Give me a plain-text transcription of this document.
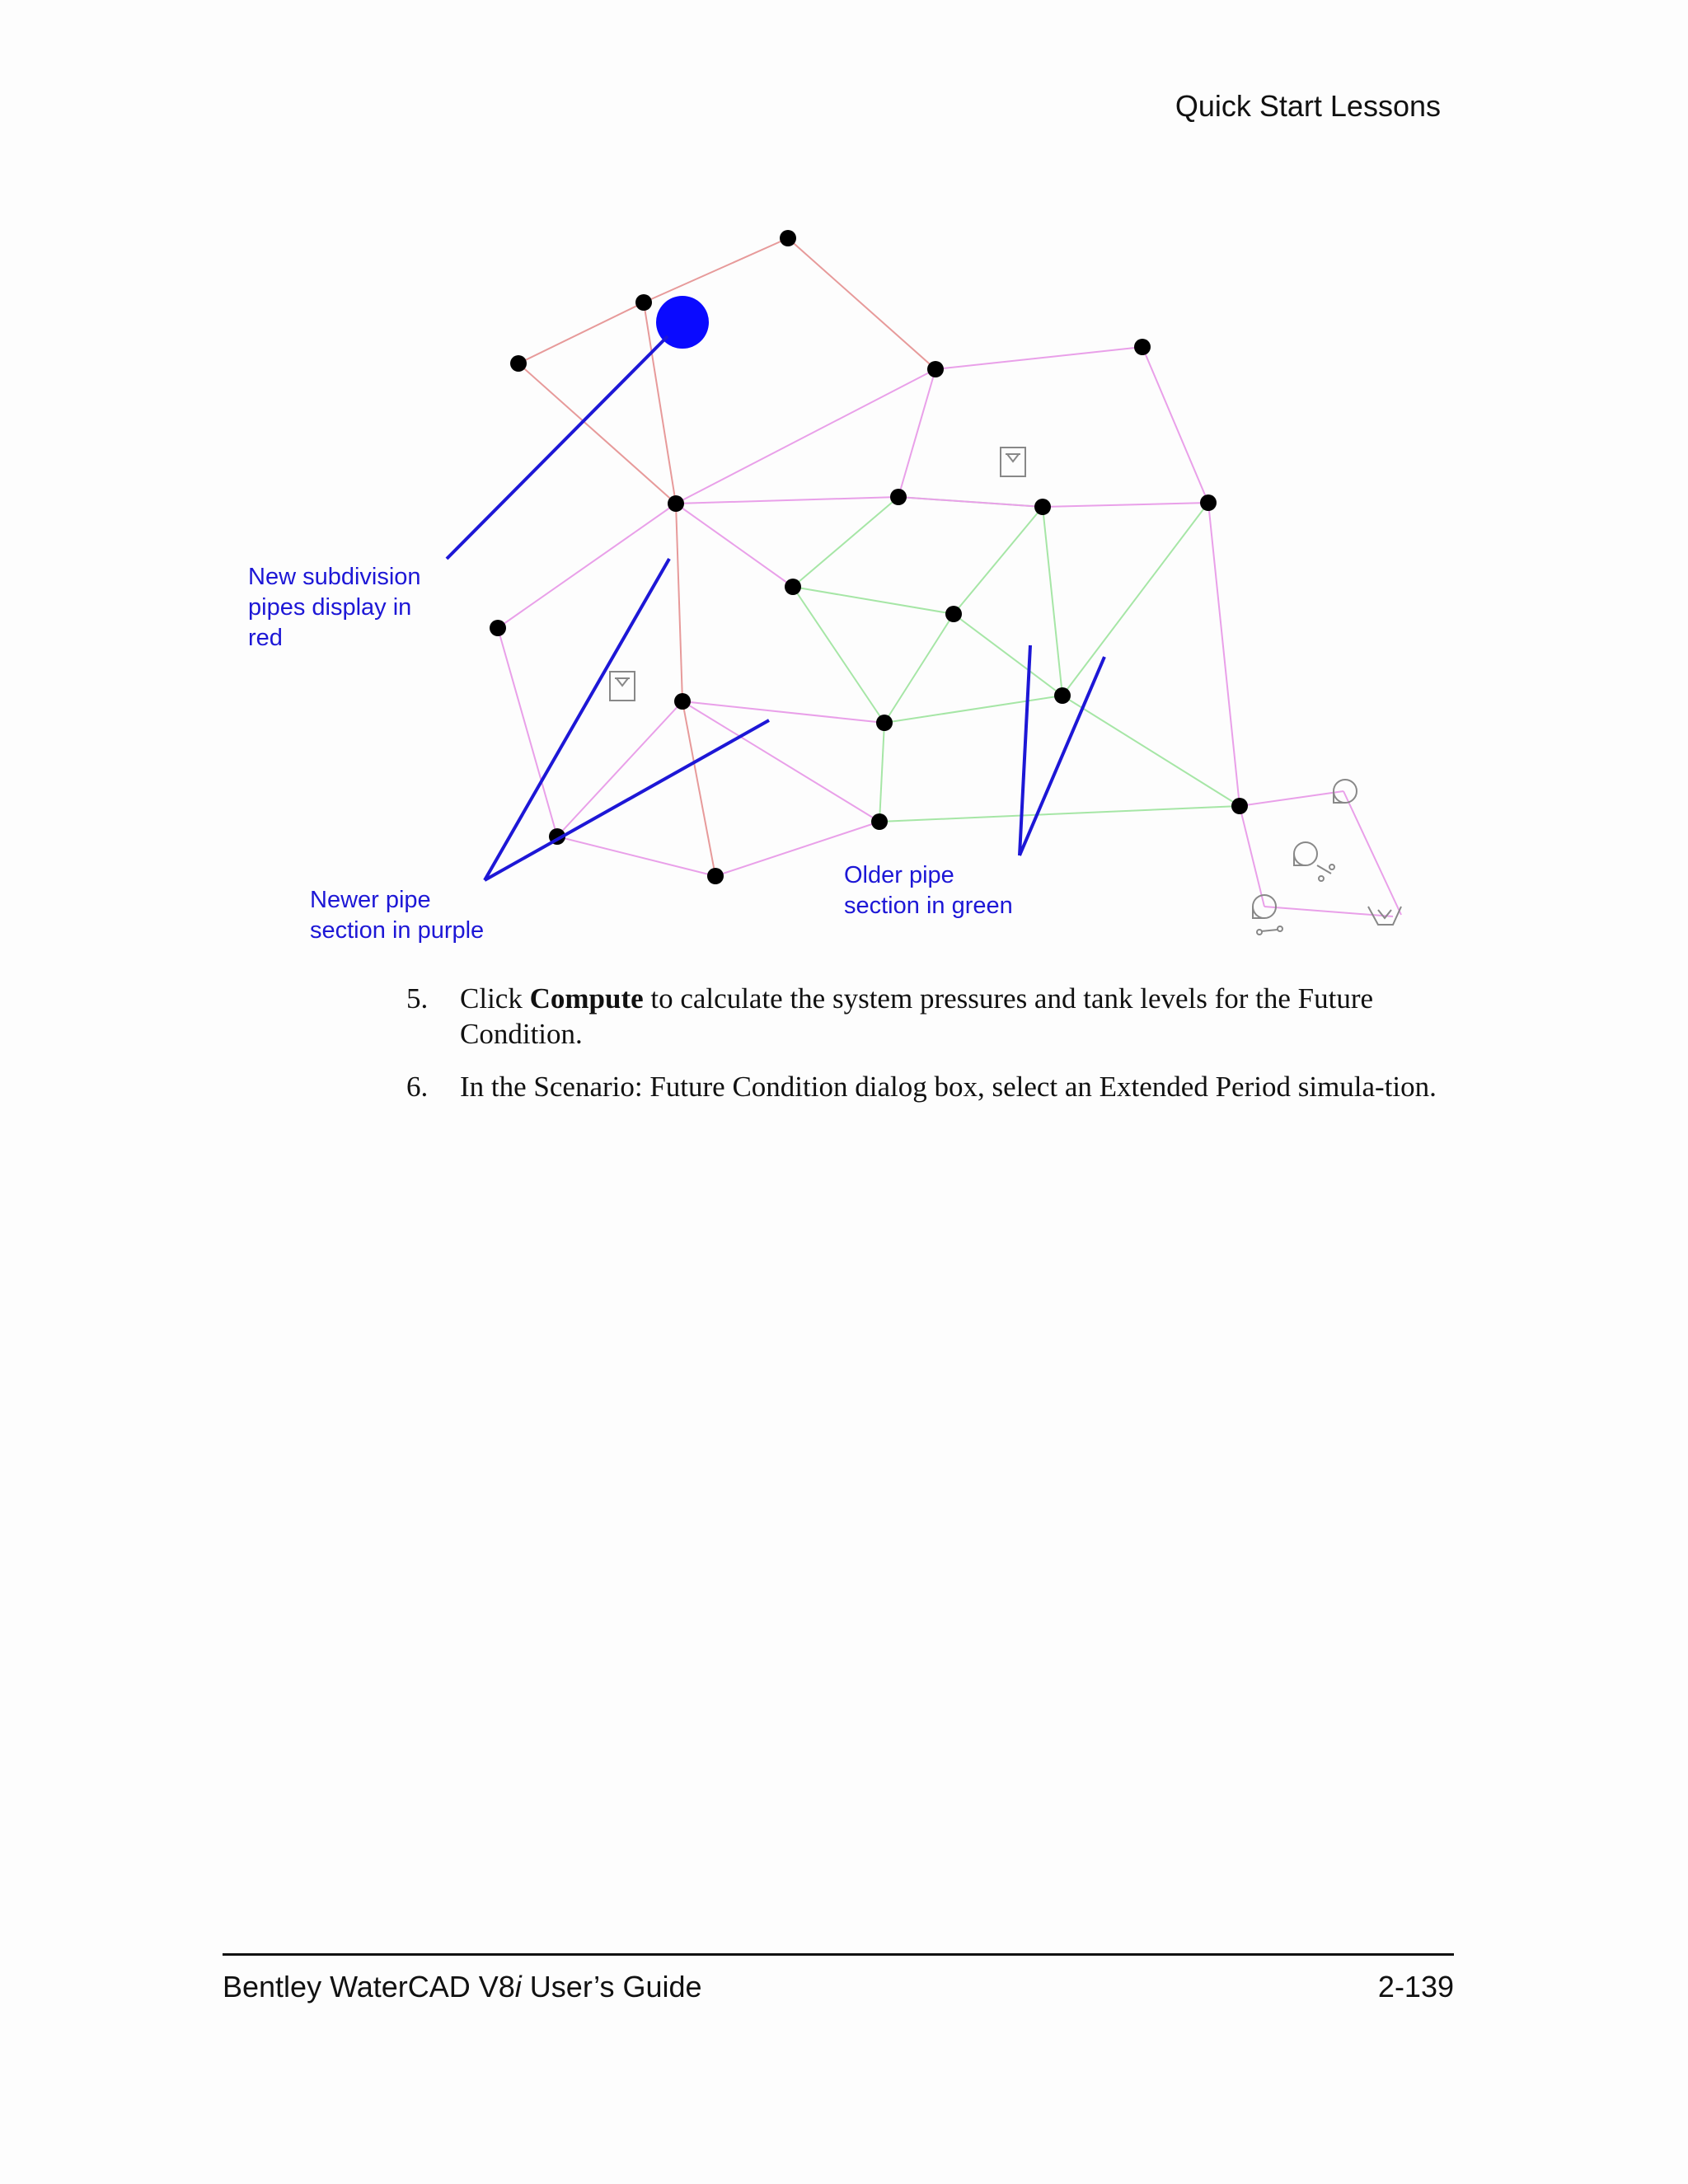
Quick Start Lessons
New subdivision
pipes display in
red
Newer pipe
section in purple
Older pipe
section in green
5. Click Compute to calculate the system pressures and tank levels for the Future Condition.
6. In the Scenario: Future Condition dialog box, select an Extended Period simula-tion.
Bentley WaterCAD V8i User’s Guide	2-139
